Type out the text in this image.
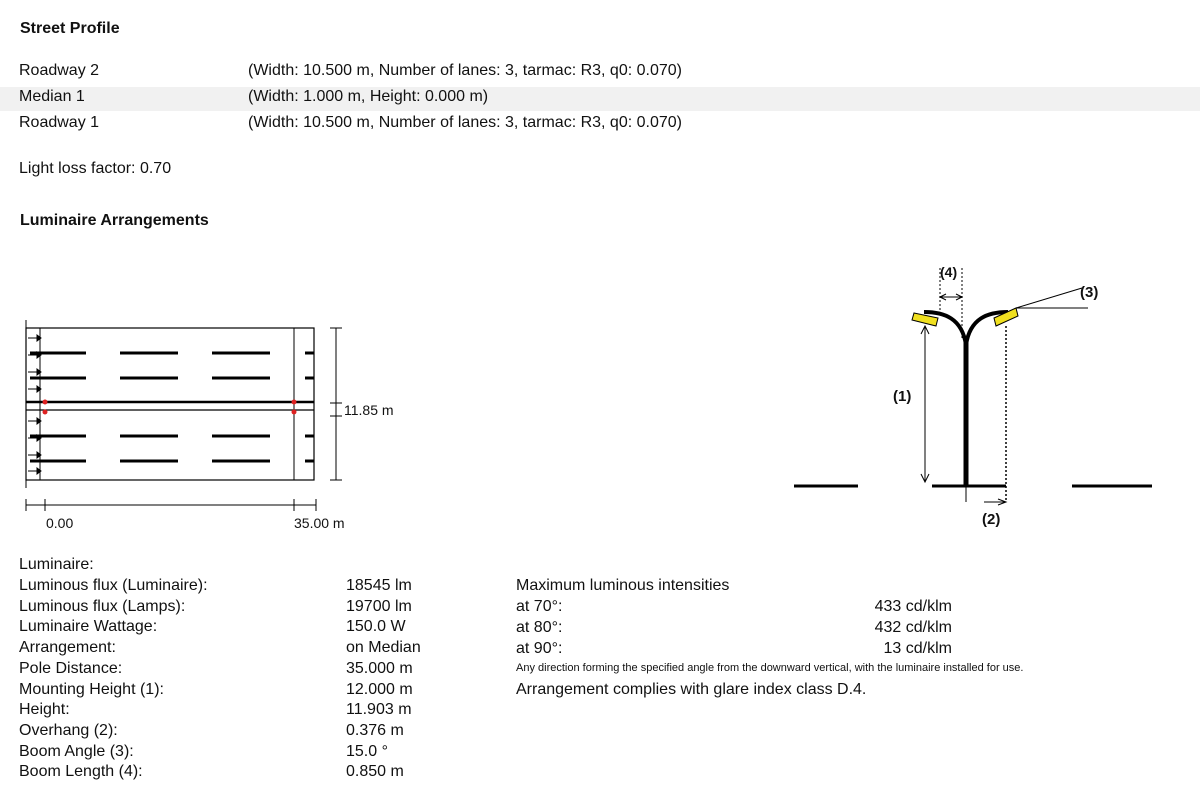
Street Profile
Roadway 2	(Width: 10.500 m, Number of lanes: 3, tarmac: R3, q0: 0.070)
Median 1	(Width: 1.000 m, Height: 0.000 m)
Roadway 1	(Width: 10.500 m, Number of lanes: 3, tarmac: R3, q0: 0.070)
Light loss factor: 0.70
Luminaire Arrangements
11.85 m
0.00	35.00 m
(1)
(2)
(3)
(4)
Luminaire:
Luminous flux (Luminaire):	18545 lm
Luminous flux (Lamps):	19700 lm
Luminaire Wattage:	150.0 W
Arrangement:	on Median
Pole Distance:	35.000 m
Mounting Height (1):	12.000 m
Height:	11.903 m
Overhang (2):	0.376 m
Boom Angle (3):	15.0 °
Boom Length (4):	0.850 m
Maximum luminous intensities
at 70°:	433 cd/klm
at 80°:	432 cd/klm
at 90°:	13 cd/klm
Any direction forming the specified angle from the downward vertical, with the luminaire installed for use.
Arrangement complies with glare index class D.4.
